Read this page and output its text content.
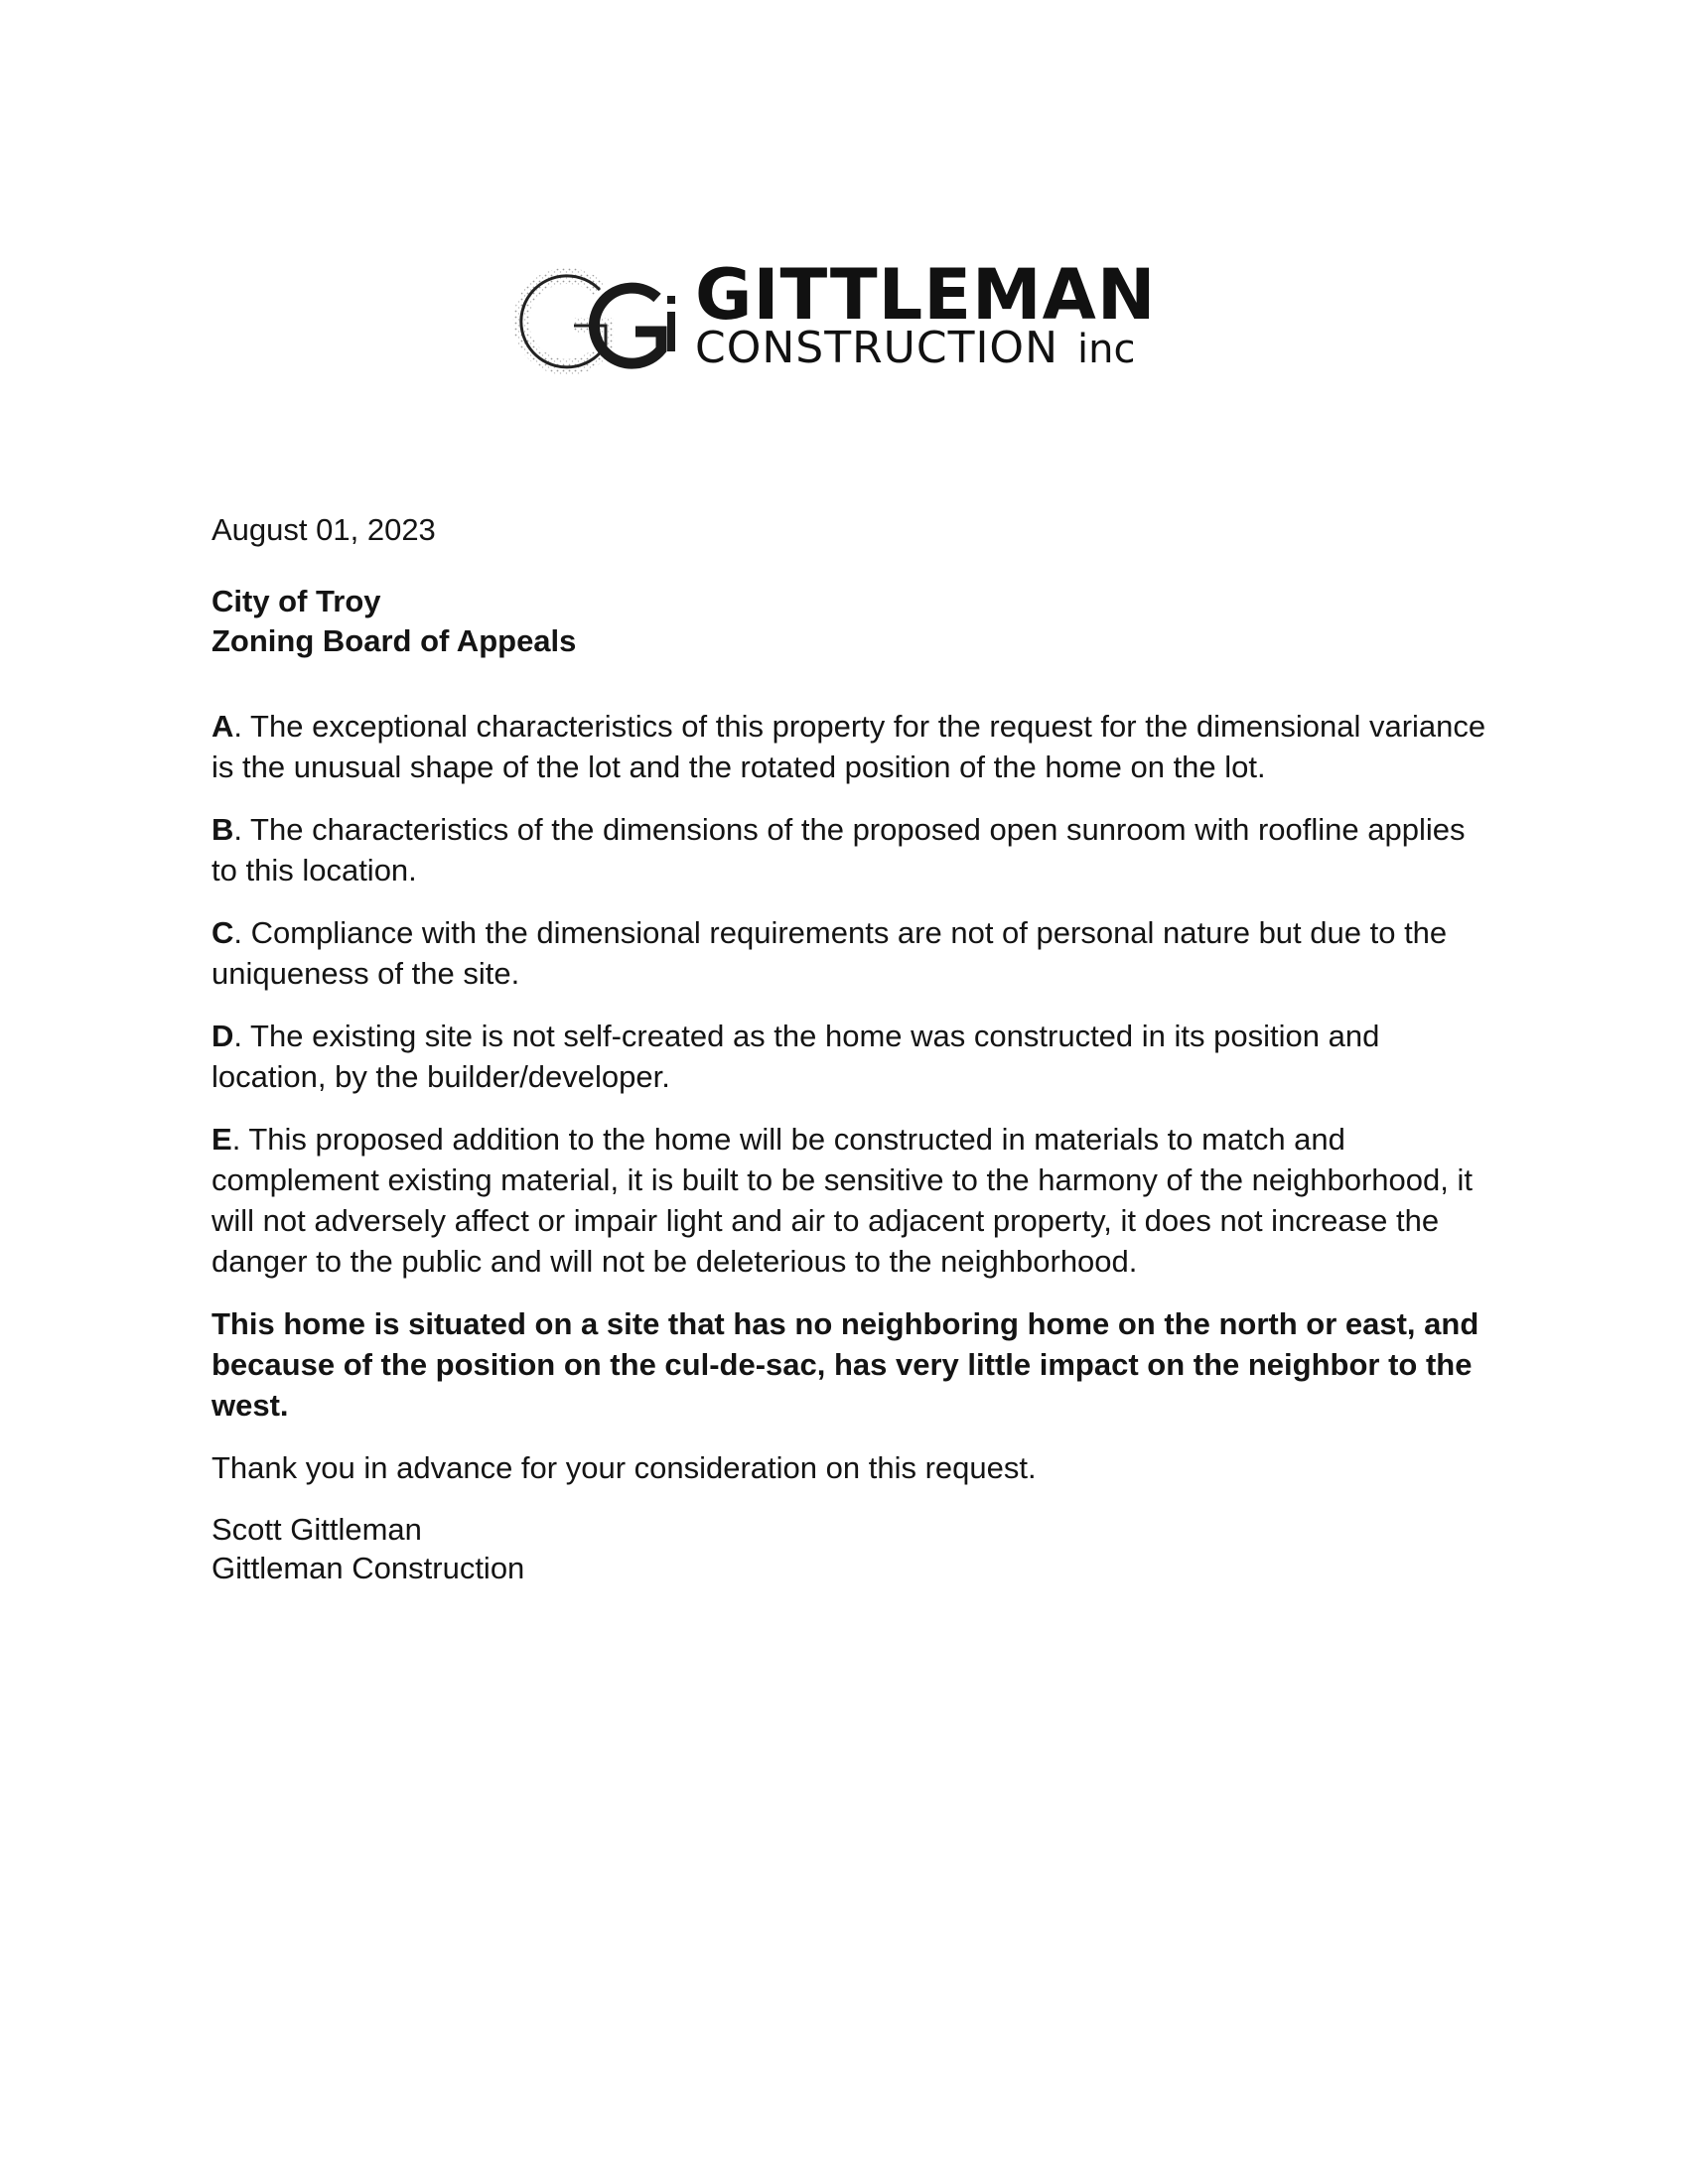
GITTLEMAN
CONSTRUCTION inc

August 01, 2023

City of Troy
Zoning Board of Appeals

A. The exceptional characteristics of this property for the request for the dimensional variance is the unusual shape of the lot and the rotated position of the home on the lot.

B. The characteristics of the dimensions of the proposed open sunroom with roofline applies to this location.

C. Compliance with the dimensional requirements are not of personal nature but due to the uniqueness of the site.

D. The existing site is not self-created as the home was constructed in its position and location, by the builder/developer.

E. This proposed addition to the home will be constructed in materials to match and complement existing material, it is built to be sensitive to the harmony of the neighborhood, it will not adversely affect or impair light and air to adjacent property, it does not increase the danger to the public and will not be deleterious to the neighborhood.

This home is situated on a site that has no neighboring home on the north or east, and because of the position on the cul-de-sac, has very little impact on the neighbor to the west.

Thank you in advance for your consideration on this request.

Scott Gittleman
Gittleman Construction
